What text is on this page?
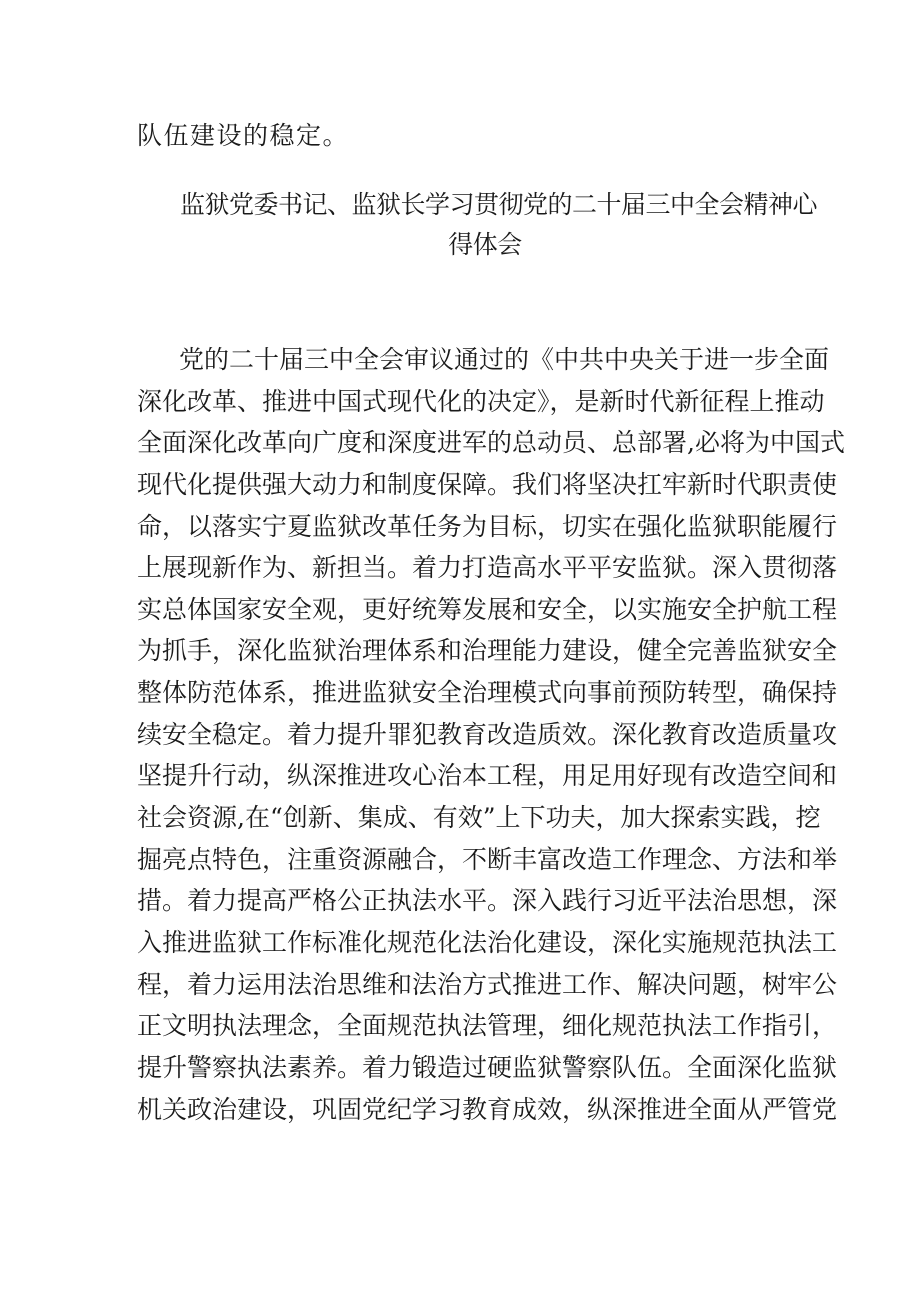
队伍建设的稳定。
监狱党委书记、监狱长学习贯彻党的二十届三中全会精神心
得体会
党的二十届三中全会审议通过的《中共中央关于进一步全面
深化改革、推进中国式现代化的决定》，是新时代新征程上推动
全面深化改革向广度和深度进军的总动员、总部署,必将为中国式
现代化提供强大动力和制度保障。我们将坚决扛牢新时代职责使
命，以落实宁夏监狱改革任务为目标，切实在强化监狱职能履行
上展现新作为、新担当。着力打造高水平平安监狱。深入贯彻落
实总体国家安全观，更好统筹发展和安全，以实施安全护航工程
为抓手，深化监狱治理体系和治理能力建设，健全完善监狱安全
整体防范体系，推进监狱安全治理模式向事前预防转型，确保持
续安全稳定。着力提升罪犯教育改造质效。深化教育改造质量攻
坚提升行动，纵深推进攻心治本工程，用足用好现有改造空间和
社会资源,在“创新、集成、有效”上下功夫，加大探索实践，挖
掘亮点特色，注重资源融合，不断丰富改造工作理念、方法和举
措。着力提高严格公正执法水平。深入践行习近平法治思想，深
入推进监狱工作标准化规范化法治化建设，深化实施规范执法工
程，着力运用法治思维和法治方式推进工作、解决问题，树牢公
正文明执法理念，全面规范执法管理，细化规范执法工作指引，
提升警察执法素养。着力锻造过硬监狱警察队伍。全面深化监狱
机关政治建设，巩固党纪学习教育成效，纵深推进全面从严管党
